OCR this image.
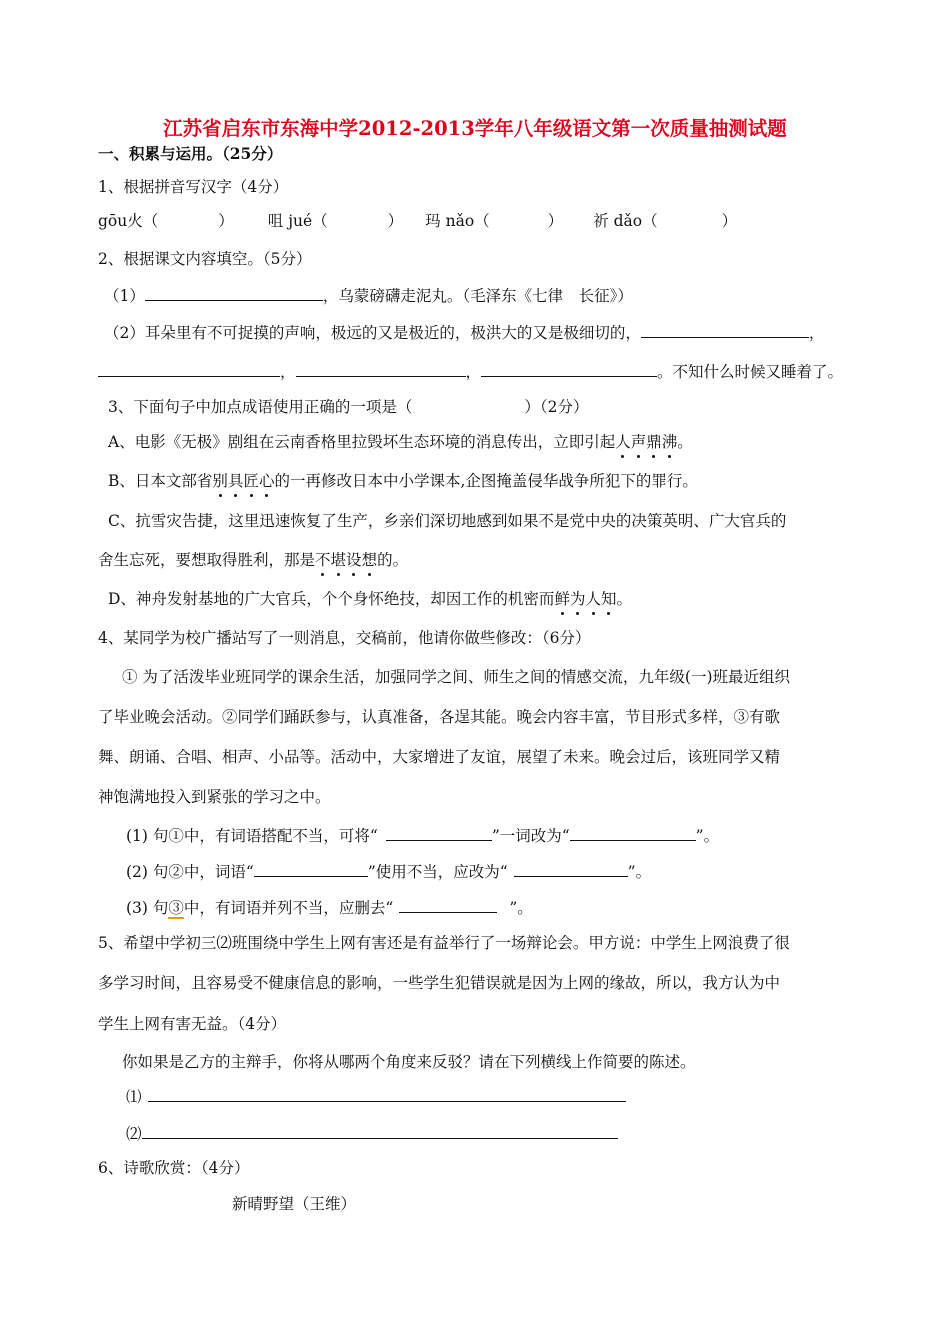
江苏省启东市东海中学2012-2013学年八年级语文第一次质量抽测试题
一、积累与运用。（25分）
1、根据拼音写汉字（4分）
gōu火（	） 咀 jué（	） 玛 nǎo（	） 祈 dǎo（	）
2、根据课文内容填空。（5分）
（1）	，乌蒙磅礴走泥丸。（毛泽东《七律　长征》）
（2）耳朵里有不可捉摸的声响，极远的又是极近的，极洪大的又是极细切的，	，
，	，	。不知什么时候又睡着了。
3、下面句子中加点成语使用正确的一项是（	）（2分）
A、电影《无极》剧组在云南香格里拉毁坏生态环境的消息传出，立即引起人声鼎沸。
B、日本文部省别具匠心的一再修改日本中小学课本,企图掩盖侵华战争所犯下的罪行。
C、抗雪灾告捷，这里迅速恢复了生产，乡亲们深切地感到如果不是党中央的决策英明、广大官兵的
舍生忘死，要想取得胜利，那是不堪设想的。
D、神舟发射基地的广大官兵，个个身怀绝技，却因工作的机密而鲜为人知。
4、某同学为校广播站写了一则消息，交稿前，他请你做些修改：（6分）
① 为了活泼毕业班同学的课余生活，加强同学之间、师生之间的情感交流，九年级(一)班最近组织
了毕业晚会活动。②同学们踊跃参与，认真准备，各逞其能。晚会内容丰富，节目形式多样，③有歌
舞、朗诵、合唱、相声、小品等。活动中，大家增进了友谊，展望了未来。晚会过后，该班同学又精
神饱满地投入到紧张的学习之中。
(1) 句①中，有词语搭配不当，可将“	”一词改为“	”。
(2) 句②中，词语“	”使用不当，应改为“	”。
(3) 句③中，有词语并列不当，应删去“	”。
5、希望中学初三⑵班围绕中学生上网有害还是有益举行了一场辩论会。甲方说：中学生上网浪费了很
多学习时间，且容易受不健康信息的影响，一些学生犯错误就是因为上网的缘故，所以，我方认为中
学生上网有害无益。（4分）
你如果是乙方的主辩手，你将从哪两个角度来反驳？请在下列横线上作简要的陈述。
⑴
⑵
6、诗歌欣赏：（4分）
新晴野望（王维）
